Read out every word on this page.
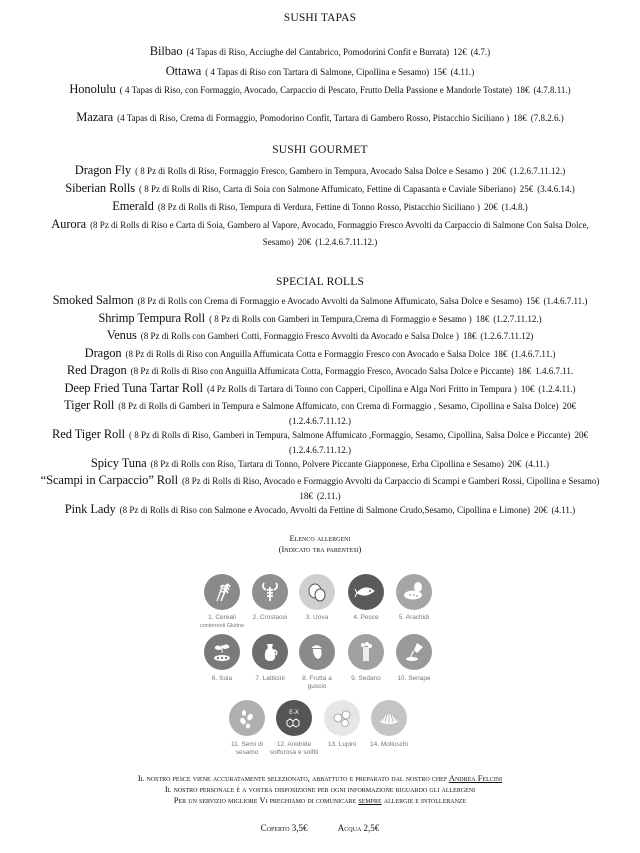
SUSHI TAPAS
Bilbao (4 Tapas di Riso, Acciughe del Cantabrico, Pomodorini Confit e Burrata) 12€ (4.7.)
Ottawa ( 4 Tapas di Riso con Tartara di Salmone, Cipollina e Sesamo) 15€ (4.11.)
Honolulu ( 4 Tapas di Riso, con Formaggio, Avocado, Carpaccio di Pescato, Frutto Della Passione e Mandorle Tostate) 18€ (4.7.8.11.)
Mazara (4 Tapas di Riso, Crema di Formaggio, Pomodorino Confit, Tartara di Gambero Rosso, Pistacchio Siciliano ) 18€ (7.8.2.6.)
SUSHI GOURMET
Dragon Fly ( 8 Pz di Rolls di Riso, Formaggio Fresco, Gambero in Tempura, Avocado Salsa Dolce e Sesamo ) 20€ (1.2.6.7.11.12.)
Siberian Rolls ( 8 Pz di Rolls di Riso, Carta di Soia con Salmone Affumicato, Fettine di Capasanta e Caviale Siberiano) 25€ (3.4.6.14.)
Emerald (8 Pz di Rolls di Riso, Tempura di Verdura, Fettine di Tonno Rosso, Pistacchio Siciliano ) 20€ (1.4.8.)
Aurora (8 Pz di Rolls di Riso e Carta di Soia, Gambero al Vapore, Avocado, Formaggio Fresco Avvolti da Carpaccio di Salmone Con Salsa Dolce, Sesamo) 20€ (1.2.4.6.7.11.12.)
SPECIAL ROLLS
Smoked Salmon (8 Pz di Rolls con Crema di Formaggio e Avocado Avvolti da Salmone Affumicato, Salsa Dolce e Sesamo) 15€ (1.4.6.7.11.)
Shrimp Tempura Roll ( 8 Pz di Rolls con Gamberi in Tempura,Crema di Formaggio e Sesamo ) 18€ (1.2.7.11.12.)
Venus (8 Pz di Rolls con Gamberi Cotti, Formaggio Fresco Avvolti da Avocado e Salsa Dolce ) 18€ (1.2.6.7.11.12)
Dragon (8 Pz di Rolls di Riso con Anguilla Affumicata Cotta e Formaggio Fresco con Avocado e Salsa Dolce 18€ (1.4.6.7.11.)
Red Dragon (8 Pz di Rolls di Riso con Anguilla Affumicata Cotta, Formaggio Fresco, Avocado Salsa Dolce e Piccante) 18€ 1.4.6.7.11.
Deep Fried Tuna Tartar Roll (4 Pz Rolls di Tartara di Tonno con Capperi, Cipollina e Alga Nori Fritto in Tempura ) 10€ (1.2.4.11.)
Tiger Roll (8 Pz di Rolls di Gamberi in Tempura e Salmone Affumicato, con Crema di Formaggio , Sesamo, Cipollina e Salsa Dolce) 20€ (1.2.4.6.7.11.12.)
Red Tiger Roll ( 8 Pz di Rolls di Riso, Gamberi in Tempura, Salmone Affumicato ,Formaggio, Sesamo, Cipollina, Salsa Dolce e Piccante) 20€ (1.2.4.6.7.11.12.)
Spicy Tuna (8 Pz di Rolls con Riso, Tartara di Tonno, Polvere Piccante Giapponese, Erba Cipollina e Sesamo) 20€ (4.11.)
“Scampi in Carpaccio” Roll (8 Pz di Rolls di Riso, Avocado e Formaggio Avvolti da Carpaccio di Scampi e Gamberi Rossi, Cipollina e Sesamo) 18€ (2.11.)
Pink Lady (8 Pz di Rolls di Riso con Salmone e Avocado, Avvolti da Fettine di Salmone Crudo,Sesamo, Cipollina e Limone) 20€ (4.11.)
Elenco allergeni
(Indicato tra parentesi)
1. Cereali
contenenti Glutine
2. Crostacei	3. Uova	4. Pesce	5. Arachidi
6. Soia	7. Latticini	8. Frutta a
guscio
9. Sedano	10. Senape
E-X
11. Semi di
sesamo
12. Anidride
solforosa e solfiti
13. Lupini	14. Molluschi
Il nostro pesce viene accuratamente selezionato, abbattuto e preparato dal nostro chef Andrea Felcini
Il nostro personale è a vostra disposizione per ogni informazione riguardo gli allergeni
Per un servizio migliore Vi preghiamo di comunicare sempre allergie e intolleranze
Coperto 3,5€	Acqua 2,5€
